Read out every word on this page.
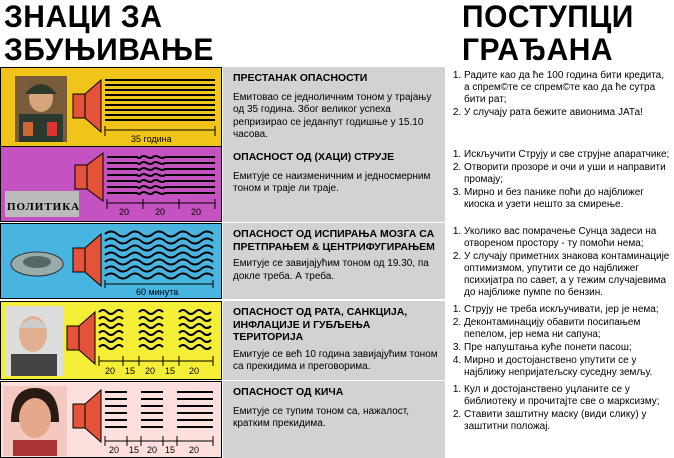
ЗНАЦИ ЗА
ЗБУЊИВАЊЕ
ПОСТУПЦИ
ГРАЂАНА
35 година
ПРЕСТАНАК ОПАСНОСТИ
Емитовао се једноличним тоном у трајању од 35 година. Због великог успеха репризирао се једанпут годишње у 15.10 часова.
1. Радите као да ће 100 година бити кредита, а спрем©те се спрем©те као да ће сутра бити рат;
2. У случају рата бежите авионима ЈАТа!
ПОЛИТИКА	20	20	20
ОПАСНОСТ ОД (ХАЦИ) СТРУЈЕ
Емитује се наизменичним и једносмерним тоном и траје ли траје.
1. Искључити Струју и све струјне апаратчике;
2. Отворити прозоре и очи и уши и направити промају;
3. Мирно и без панике поћи до најближег киоска и узети нешто за смирење.
60 минута
ОПАСНОСТ ОД ИСПИРАЊА МОЗГА СА ПРЕТПРАЊЕМ & ЦЕНТРИФУГИРАЊЕМ
Емитује се завијајућим тоном од 19.30, па докле треба. А треба.
1. Уколико вас помрачење Сунца задеси на отвореном простору - ту помоћи нема;
2. У случају приметних знакова контаминације оптимизмом, упутити се до најближег психијатра по савет, а у тежим случајевима до најближе пумпе по бензин.
20 15 20 15 20
ОПАСНОСТ ОД РАТА, САНКЦИЈА, ИНФЛАЦИЈЕ И ГУБЉЕЊА ТЕРИТОРИЈА
Емитује се већ 10 година завијајућим тоном са прекидима и преговорима.
1. Струју не треба искључивати, јер је нема;
2. Деконтаминацију обавити посипањем пепелом, јер нема ни сапуна;
3. Пре напуштања куће понети пасош;
4. Мирно и достојанствено упутити се у најближу непријатељску суседну земљу.
20 15 20 15 20
ОПАСНОСТ ОД КИЧА
Емитује се тупим тоном са, нажалост, кратким прекидима.
1. Кул и достојанствено уцланите се у библиотеку и прочитајте све о марксизму;
2. Ставити заштитну маску (види слику) у заштитни положај.
